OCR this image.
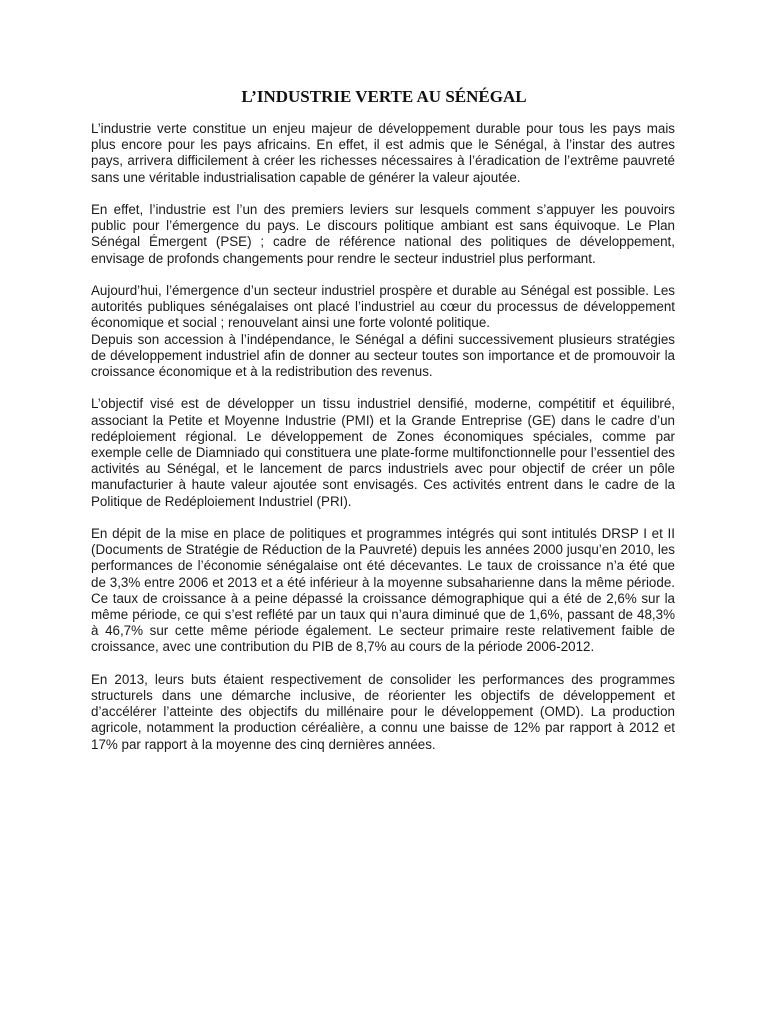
L’INDUSTRIE VERTE AU SÉNÉGAL

L’industrie verte constitue un enjeu majeur de développement durable pour tous les pays mais plus encore pour les pays africains. En effet, il est admis que le Sénégal, à l’instar des autres pays, arrivera difficilement à créer les richesses nécessaires à l’éradication de l’extrême pauvreté sans une véritable industrialisation capable de générer la valeur ajoutée.

En effet, l’industrie est l’un des premiers leviers sur lesquels comment s’appuyer les pouvoirs public pour l’émergence du pays. Le discours politique ambiant est sans équivoque. Le Plan Sénégal Émergent (PSE) ; cadre de référence national des politiques de développement, envisage de profonds changements pour rendre le secteur industriel plus performant.

Aujourd’hui, l’émergence d’un secteur industriel prospère et durable au Sénégal est possible. Les autorités publiques sénégalaises ont placé l’industriel au cœur du processus de développement économique et social ; renouvelant ainsi une forte volonté politique.

Depuis son accession à l’indépendance, le Sénégal a défini successivement plusieurs stratégies de développement industriel afin de donner au secteur toutes son importance et de promouvoir la croissance économique et à la redistribution des revenus.

L’objectif visé est de développer un tissu industriel densifié, moderne, compétitif et équilibré, associant la Petite et Moyenne Industrie (PMI) et la Grande Entreprise (GE) dans le cadre d’un redéploiement régional. Le développement de Zones économiques spéciales, comme par exemple celle de Diamniado qui constituera une plate-forme multifonctionnelle pour l’essentiel des activités au Sénégal, et le lancement de parcs industriels avec pour objectif de créer un pôle manufacturier à haute valeur ajoutée sont envisagés. Ces activités entrent dans le cadre de la Politique de Redéploiement Industriel (PRI).

En dépit de la mise en place de politiques et programmes intégrés qui sont intitulés DRSP I et II (Documents de Stratégie de Réduction de la Pauvreté) depuis les années 2000 jusqu’en 2010, les performances de l’économie sénégalaise ont été décevantes. Le taux de croissance n’a été que de 3,3% entre 2006 et 2013 et a été inférieur à la moyenne subsaharienne dans la même période. Ce taux de croissance à a peine dépassé la croissance démographique qui a été de 2,6% sur la même période, ce qui s’est reflété par un taux qui n’aura diminué que de 1,6%, passant de 48,3% à 46,7% sur cette même période également. Le secteur primaire reste relativement faible de croissance, avec une contribution du PIB de 8,7% au cours de la période 2006-2012.

En 2013, leurs buts étaient respectivement de consolider les performances des programmes structurels dans une démarche inclusive, de réorienter les objectifs de développement et d’accélérer l’atteinte des objectifs du millénaire pour le développement (OMD). La production agricole, notamment la production céréalière, a connu une baisse de 12% par rapport à 2012 et 17% par rapport à la moyenne des cinq dernières années.
